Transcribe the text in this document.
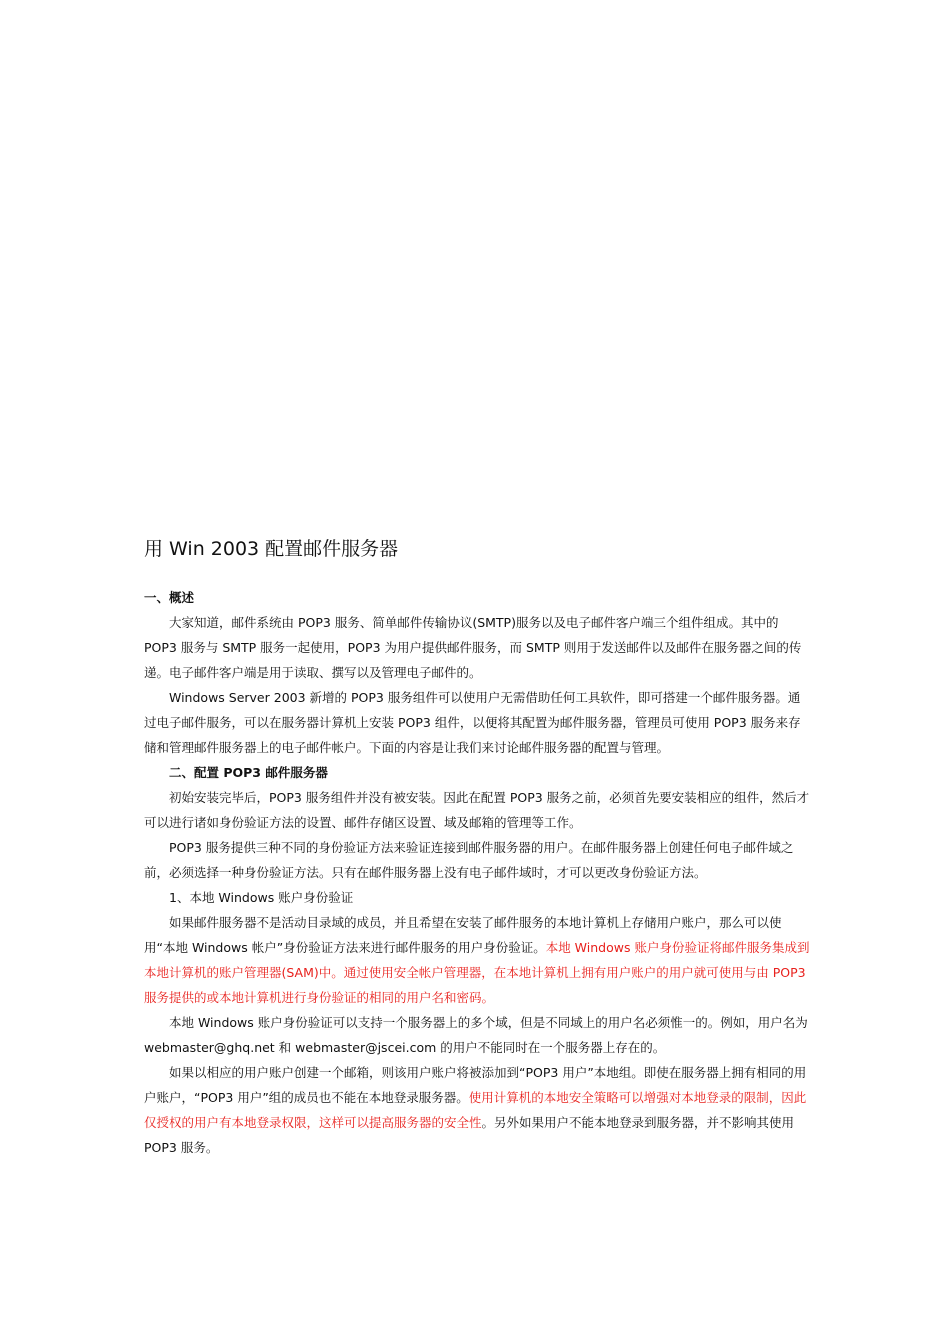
用 Win 2003 配置邮件服务器

一、概述

大家知道，邮件系统由 POP3 服务、简单邮件传输协议(SMTP)服务以及电子邮件客户端三个组件组成。其中的 POP3 服务与 SMTP 服务一起使用，POP3 为用户提供邮件服务，而 SMTP 则用于发送邮件以及邮件在服务器之间的传递。电子邮件客户端是用于读取、撰写以及管理电子邮件的。

Windows Server 2003 新增的 POP3 服务组件可以使用户无需借助任何工具软件，即可搭建一个邮件服务器。通过电子邮件服务，可以在服务器计算机上安装 POP3 组件，以便将其配置为邮件服务器，管理员可使用 POP3 服务来存储和管理邮件服务器上的电子邮件帐户。下面的内容是让我们来讨论邮件服务器的配置与管理。

二、配置 POP3 邮件服务器

初始安装完毕后，POP3 服务组件并没有被安装。因此在配置 POP3 服务之前，必须首先要安装相应的组件，然后才可以进行诸如身份验证方法的设置、邮件存储区设置、域及邮箱的管理等工作。

POP3 服务提供三种不同的身份验证方法来验证连接到邮件服务器的用户。在邮件服务器上创建任何电子邮件域之前，必须选择一种身份验证方法。只有在邮件服务器上没有电子邮件域时，才可以更改身份验证方法。

1、本地 Windows 账户身份验证

如果邮件服务器不是活动目录域的成员，并且希望在安装了邮件服务的本地计算机上存储用户账户，那么可以使用“本地 Windows 帐户”身份验证方法来进行邮件服务的用户身份验证。本地 Windows 账户身份验证将邮件服务集成到本地计算机的账户管理器(SAM)中。通过使用安全帐户管理器，在本地计算机上拥有用户账户的用户就可使用与由 POP3 服务提供的或本地计算机进行身份验证的相同的用户名和密码。

本地 Windows 账户身份验证可以支持一个服务器上的多个域，但是不同域上的用户名必须惟一的。例如，用户名为 webmaster@ghq.net 和 webmaster@jscei.com 的用户不能同时在一个服务器上存在的。

如果以相应的用户账户创建一个邮箱，则该用户账户将被添加到“POP3 用户”本地组。即使在服务器上拥有相同的用户账户，“POP3 用户”组的成员也不能在本地登录服务器。使用计算机的本地安全策略可以增强对本地登录的限制，因此仅授权的用户有本地登录权限，这样可以提高服务器的安全性。另外如果用户不能本地登录到服务器，并不影响其使用 POP3 服务。
